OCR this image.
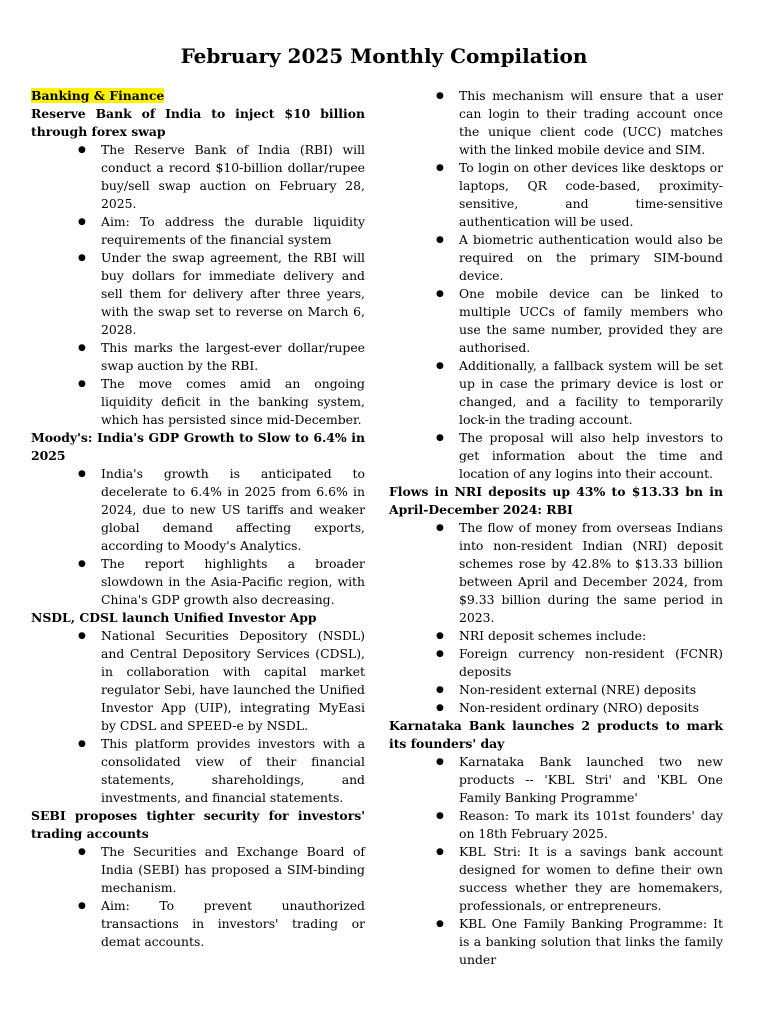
February 2025 Monthly Compilation
Banking & Finance

Reserve Bank of India to inject $10 billion through forex swap

● The Reserve Bank of India (RBI) will conduct a record $10-billion dollar/rupee buy/sell swap auction on February 28, 2025.
● Aim: To address the durable liquidity requirements of the financial system
● Under the swap agreement, the RBI will buy dollars for immediate delivery and sell them for delivery after three years, with the swap set to reverse on March 6, 2028.
● This marks the largest-ever dollar/rupee swap auction by the RBI.
● The move comes amid an ongoing liquidity deficit in the banking system, which has persisted since mid-December.

Moody's: India's GDP Growth to Slow to 6.4% in 2025

● India's growth is anticipated to decelerate to 6.4% in 2025 from 6.6% in 2024, due to new US tariffs and weaker global demand affecting exports, according to Moody's Analytics.
● The report highlights a broader slowdown in the Asia-Pacific region, with China's GDP growth also decreasing.

NSDL, CDSL launch Unified Investor App

● National Securities Depository (NSDL) and Central Depository Services (CDSL), in collaboration with capital market regulator Sebi, have launched the Unified Investor App (UIP), integrating MyEasi by CDSL and SPEED-e by NSDL.
● This platform provides investors with a consolidated view of their financial statements, shareholdings, and investments, and financial statements.

SEBI proposes tighter security for investors' trading accounts

● The Securities and Exchange Board of India (SEBI) has proposed a SIM-binding mechanism.
● Aim: To prevent unauthorized transactions in investors' trading or demat accounts.
● This mechanism will ensure that a user can login to their trading account once the unique client code (UCC) matches with the linked mobile device and SIM.
● To login on other devices like desktops or laptops, QR code-based, proximity-sensitive, and time-sensitive authentication will be used.
● A biometric authentication would also be required on the primary SIM-bound device.
● One mobile device can be linked to multiple UCCs of family members who use the same number, provided they are authorised.
● Additionally, a fallback system will be set up in case the primary device is lost or changed, and a facility to temporarily lock-in the trading account.
● The proposal will also help investors to get information about the time and location of any logins into their account.

Flows in NRI deposits up 43% to $13.33 bn in April-December 2024: RBI

● The flow of money from overseas Indians into non-resident Indian (NRI) deposit schemes rose by 42.8% to $13.33 billion between April and December 2024, from $9.33 billion during the same period in 2023.
● NRI deposit schemes include:
● Foreign currency non-resident (FCNR) deposits
● Non-resident external (NRE) deposits
● Non-resident ordinary (NRO) deposits

Karnataka Bank launches 2 products to mark its founders' day

● Karnataka Bank launched two new products -- 'KBL Stri' and 'KBL One Family Banking Programme'
● Reason: To mark its 101st founders' day on 18th February 2025.
● KBL Stri: It is a savings bank account designed for women to define their own success whether they are homemakers, professionals, or entrepreneurs.
● KBL One Family Banking Programme: It is a banking solution that links the family under
